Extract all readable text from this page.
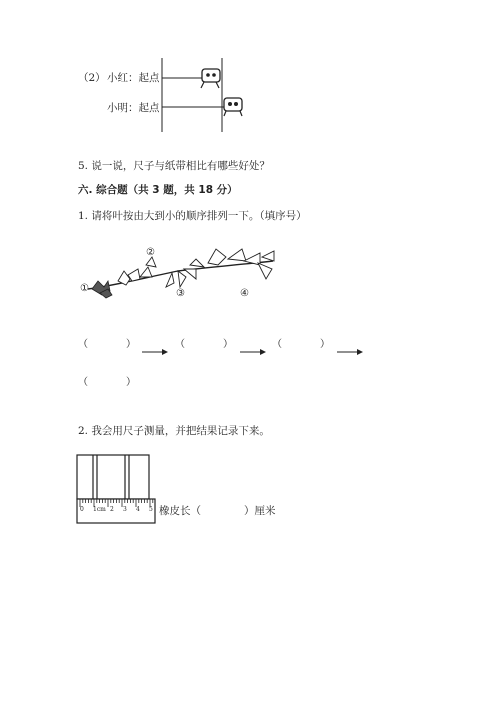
（2） 小红：起点
小明：起点
5. 说一说，尺子与纸带相比有哪些好处？
六. 综合题（共 3 题，共 18 分）
1. 请将叶按由大到小的顺序排列一下。（填序号）
①
②
③	④
（　　　）	（　　　）	（　　　）
（　　　）
2. 我会用尺子测量，并把结果记录下来。
0 1cm 2 3 4 5 橡皮长（	）厘米
